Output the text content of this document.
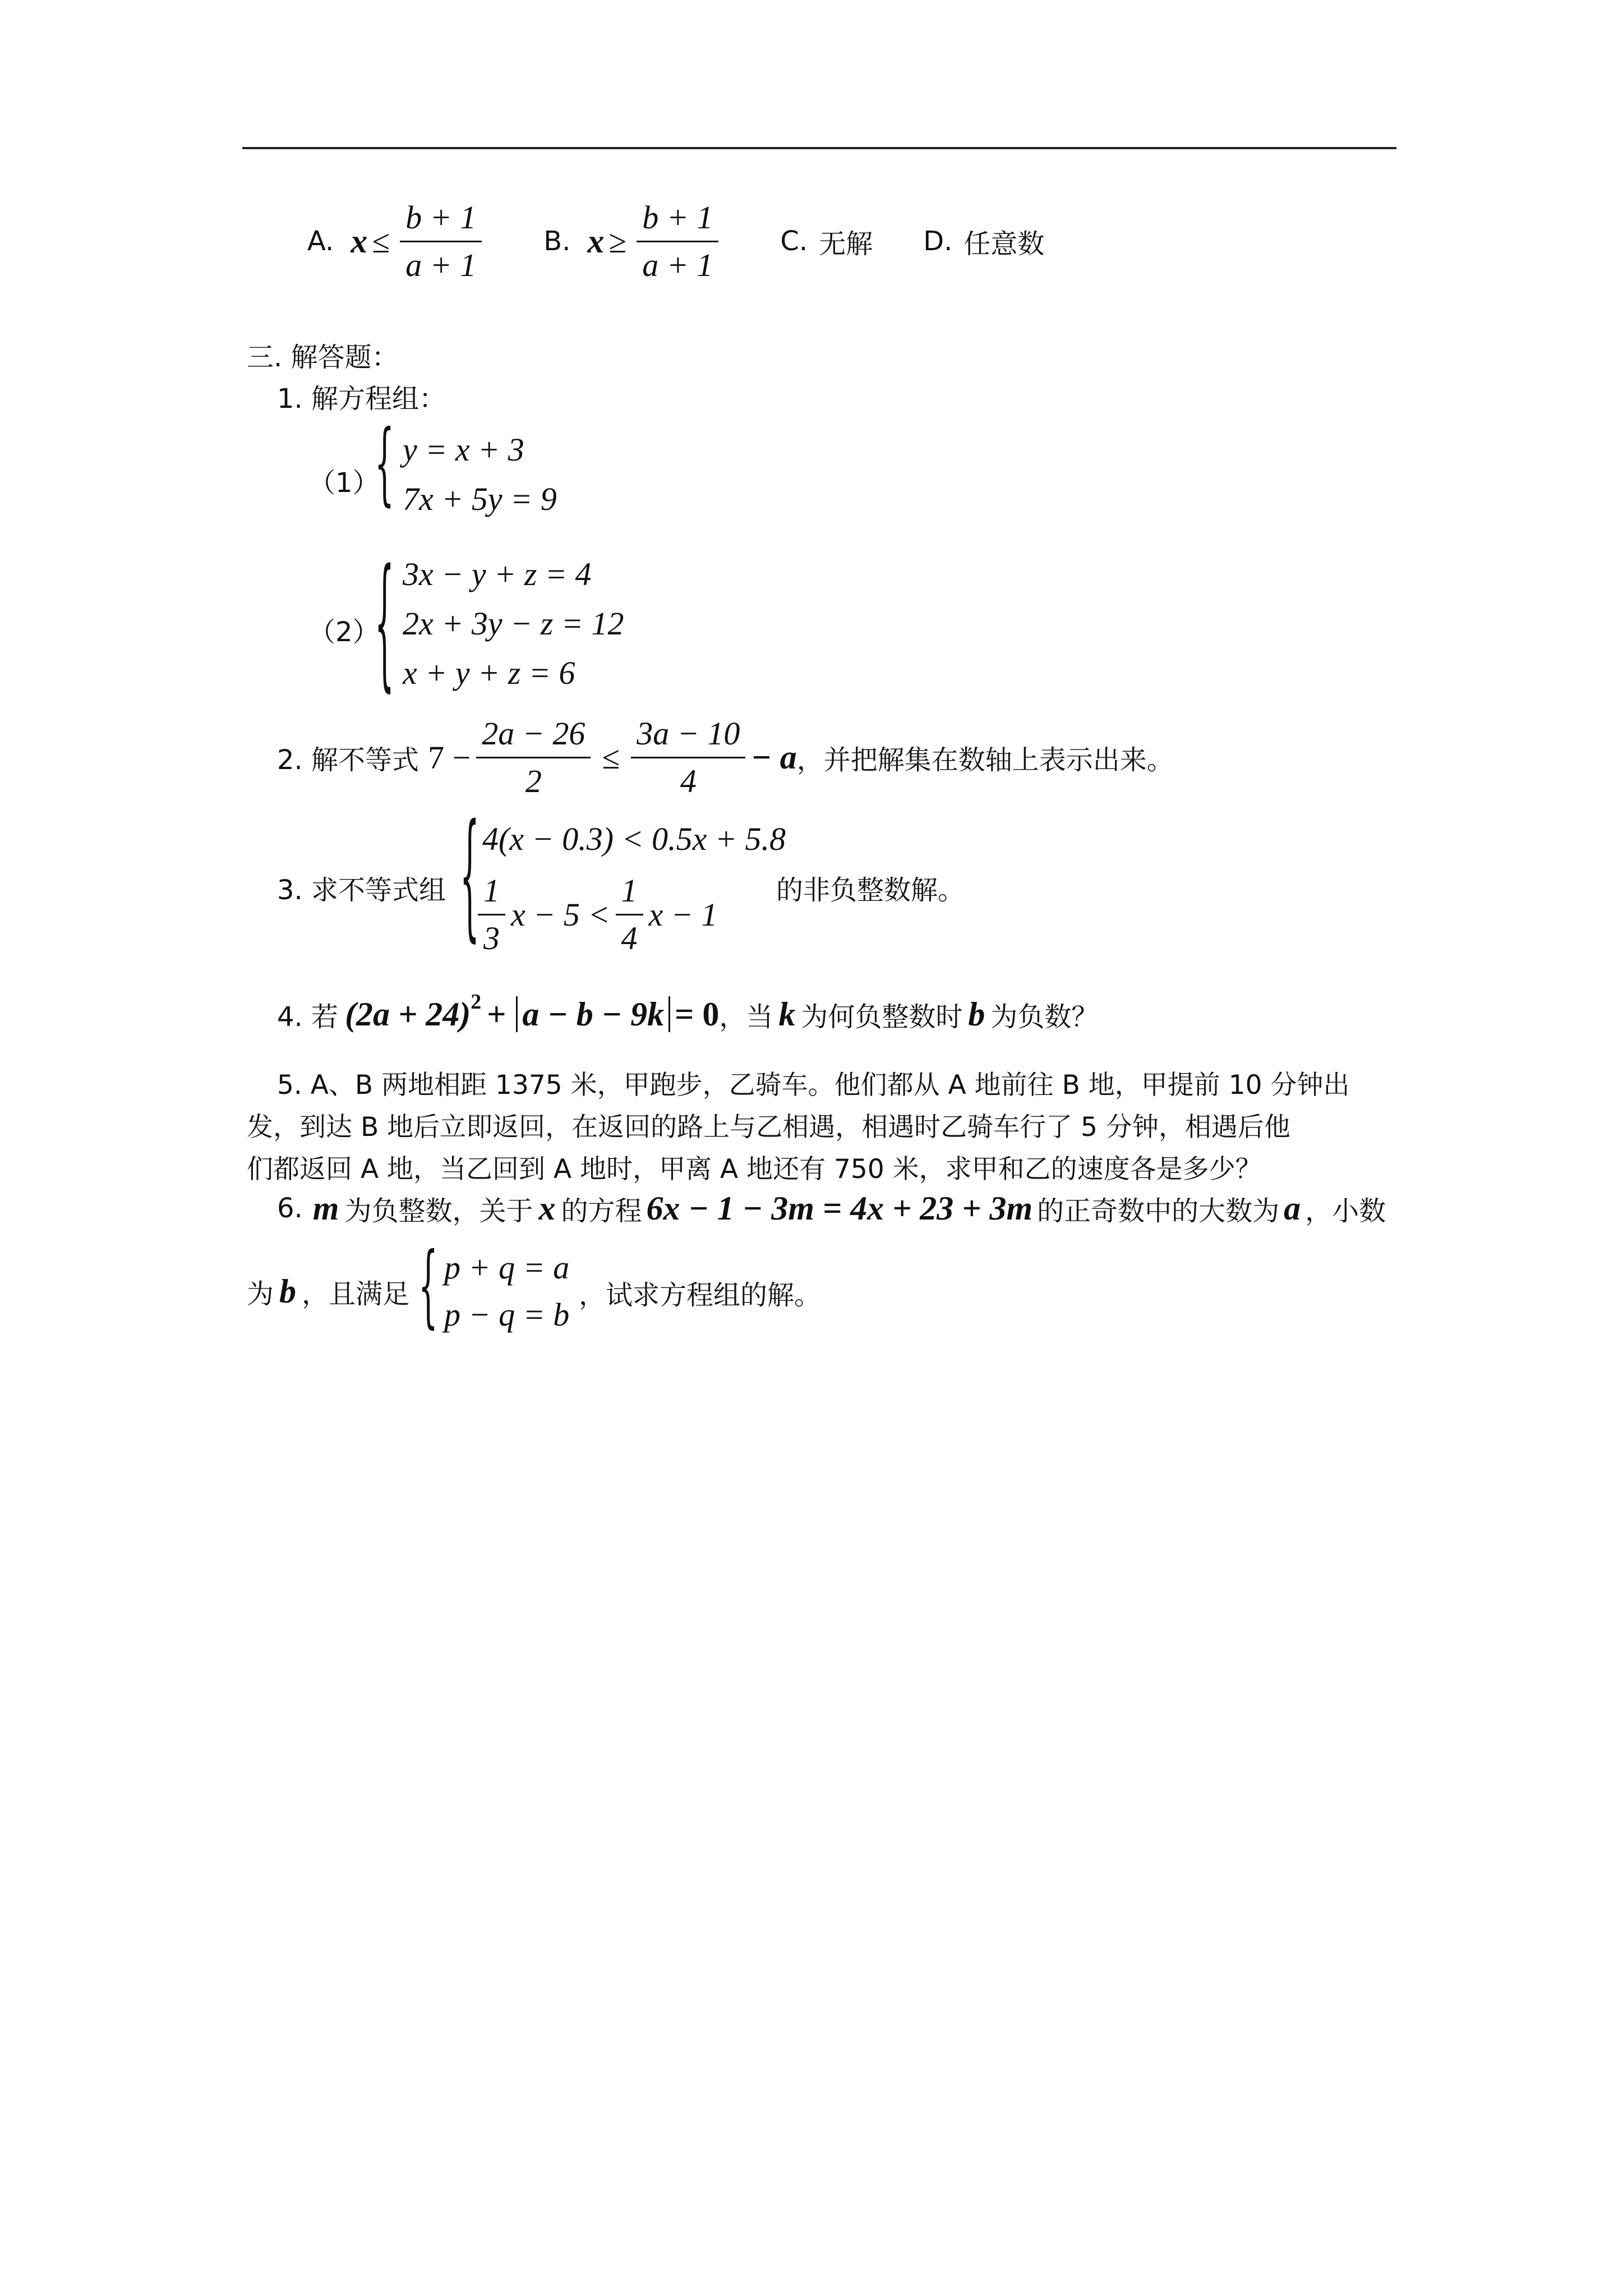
A. $x \le \frac{b + 1}{a + 1} B$. $x \ge \frac{b + 1}{a + 1} C$. 无解 D. 任意数
三. 解答题：
1. 解方程组：
（1）
{ y = x + 3
7x + 5y = 9
（2）
{ 3x − y + z = 4
2x + 3y − z = 12
x + y + z = 6
2. 解不等式 $7 - \frac{2a - 26}{2} \le \frac{3a - 10}{4} - a$ ，并把解集在数轴上表示出来。
3. 求不等式组 { 4(x − 0.3) < 0.5x + 5.8
$\frac{1}{3}$ $x - 5 < \frac{1}{4}$ x − 1
的非负整数解。
4. 若 (2a + 24) 2 + a − b − 9k = 0 ，当 k 为何负整数时 b 为负数？
5. A、B 两地相距 1375 米，甲跑步，乙骑车。他们都从 A 地前往 B 地，甲提前 10 分钟出
发，到达 B 地后立即返回，在返回的路上与乙相遇，相遇时乙骑车行了 5 分钟，相遇后他
们都返回 A 地，当乙回到 A 地时，甲离 A 地还有 750 米，求甲和乙的速度各是多少？
6. m 为负整数，关于 x 的方程 6x − 1 − 3m = 4x + 23 + 3m 的正奇数中的大数为 a ，小数
为 b ，且满足 { p + q = a
p − q = b
，试求方程组的解。
